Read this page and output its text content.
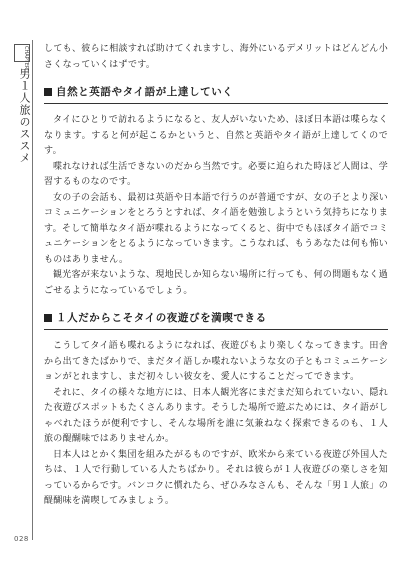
CHAPTER
男１人旅のススメ

しても、彼らに相談すれば助けてくれますし、海外にいるデメリットはどんどん小さくなっていくはずです。

自然と英語やタイ語が上達していく

タイにひとりで訪れるようになると、友人がいないため、ほぼ日本語は喋らなくなります。すると何が起こるかというと、自然と英語やタイ語が上達してくのです。

喋れなければ生活できないのだから当然です。必要に迫られた時ほど人間は、学習するものなのです。

女の子の会話も、最初は英語や日本語で行うのが普通ですが、女の子とより深いコミュニケーションをとろうとすれば、タイ語を勉強しようという気持ちになります。そして簡単なタイ語が喋れるようになってくると、街中でもほぼタイ語でコミュニケーションをとるようになっていきます。こうなれば、もうあなたは何も怖いものはありません。

観光客が来ないような、現地民しか知らない場所に行っても、何の問題もなく過ごせるようになっているでしょう。

１人だからこそタイの夜遊びを満喫できる

こうしてタイ語も喋れるようになれば、夜遊びもより楽しくなってきます。田舎から出てきたばかりで、まだタイ語しか喋れないような女の子ともコミュニケーションがとれますし、まだ初々しい彼女を、愛人にすることだってできます。

それに、タイの様々な地方には、日本人観光客にまだまだ知られていない、隠れた夜遊びスポットもたくさんあります。そうした場所で遊ぶためには、タイ語がしゃべれたほうが便利ですし、そんな場所を誰に気兼ねなく探索できるのも、１人旅の醍醐味ではありませんか。

日本人はとかく集団を組みたがるものですが、欧米から来ている夜遊び外国人たちは、１人で行動している人たちばかり。それは彼らが１人夜遊びの楽しさを知っているからです。バンコクに慣れたら、ぜひみなさんも、そんな「男１人旅」の醍醐味を満喫してみましょう。

028
